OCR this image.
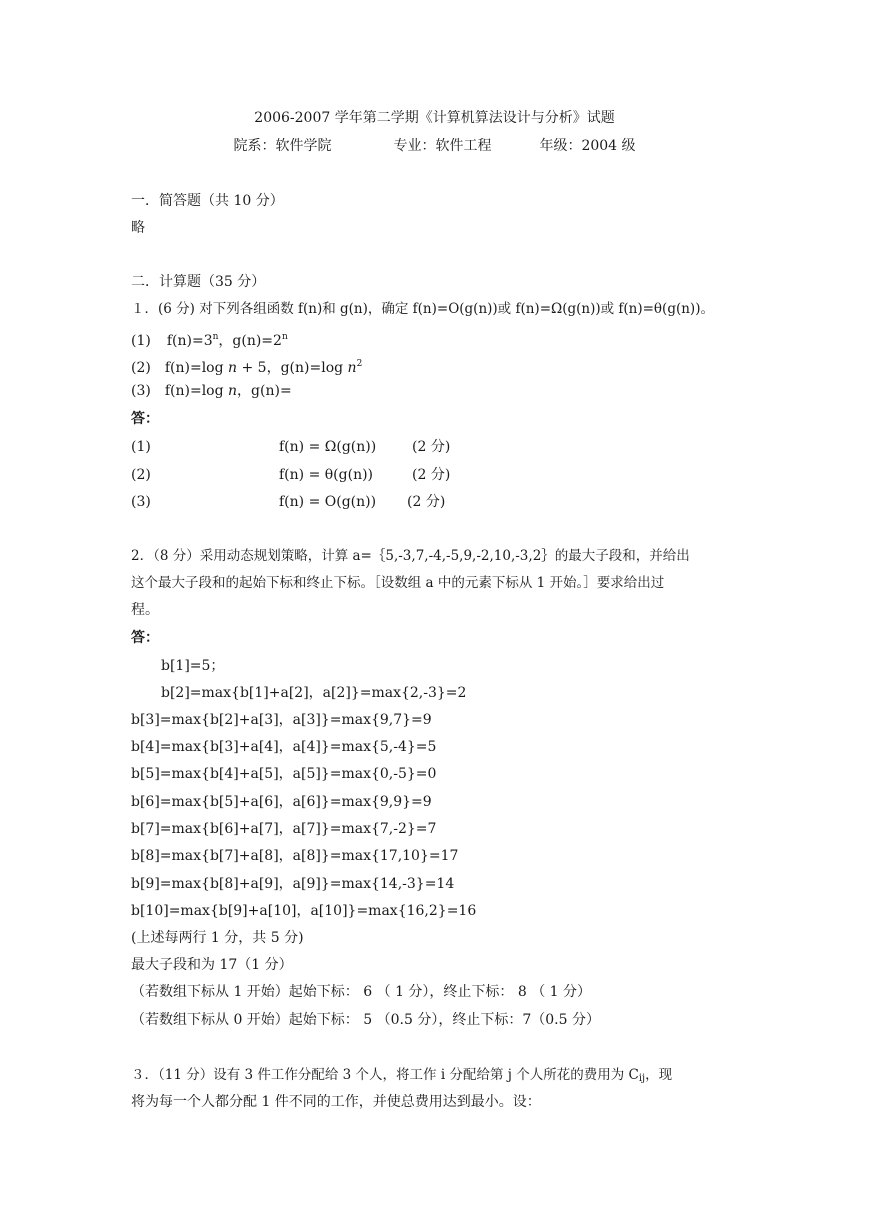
2006-2007 学年第二学期《计算机算法设计与分析》试题
院系：软件学院	专业：软件工程	年级：2004 级
一．简答题（共 10 分）
略
二．计算题（35 分）
１．(6 分) 对下列各组函数 f(n)和 g(n)，确定 f(n)=O(g(n))或 f(n)=Ω(g(n))或 f(n)=θ(g(n))。
(1) $f(n)=3^n$，$g(n)=2^n$
(2) f(n)=log n + 5，g(n)=log $n^2$
(3) f(n)=log n，g(n)=
答：
(1)	f(n) = Ω(g(n))	(2 分)
(2)	f(n) = θ(g(n))	(2 分)
(3)	f(n) = O(g(n)) (2 分)
2．（8 分）采用动态规划策略，计算 a=｛5,-3,7,-4,-5,9,-2,10,-3,2｝的最大子段和，并给出
这个最大子段和的起始下标和终止下标。［设数组 a 中的元素下标从 1 开始。］要求给出过
程。
答：
b[1]=5；
b[2]=max{b[1]+a[2]，a[2]}=max{2,-3}=2
b[3]=max{b[2]+a[3]，a[3]}=max{9,7}=9
b[4]=max{b[3]+a[4]，a[4]}=max{5,-4}=5
b[5]=max{b[4]+a[5]，a[5]}=max{0,-5}=0
b[6]=max{b[5]+a[6]，a[6]}=max{9,9}=9
b[7]=max{b[6]+a[7]，a[7]}=max{7,-2}=7
b[8]=max{b[7]+a[8]，a[8]}=max{17,10}=17
b[9]=max{b[8]+a[9]，a[9]}=max{14,-3}=14
b[10]=max{b[9]+a[10]，a[10]}=max{16,2}=16
(上述每两行 1 分，共 5 分)
最大子段和为 17（1 分）
（若数组下标从 1 开始）起始下标： 6 （ 1 分），终止下标： 8 （ 1 分）
（若数组下标从 0 开始）起始下标： 5 （0.5 分），终止下标：7（0.5 分）
３．（11 分）设有 3 件工作分配给 3 个人，将工作 i 分配给第 j 个人所花的费用为 $C_{ij}$，现
将为每一个人都分配 1 件不同的工作，并使总费用达到最小。设：
